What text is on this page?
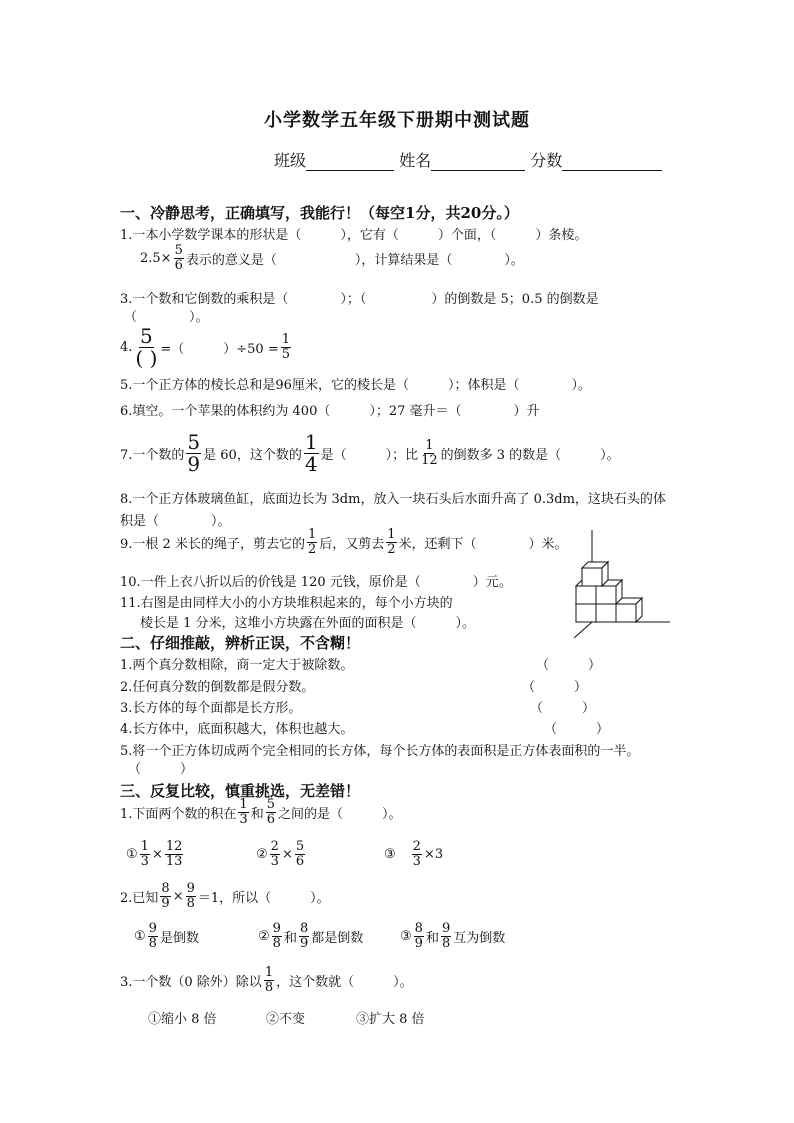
小学数学五年级下册期中测试题
班级	姓名	分数
一、冷静思考，正确填写，我能行！（每空1分，共20分。）
1.一本小学数学课本的形状是（　　　），它有（　　　）个面，（　　　）条棱。
$2.5\times \frac{5}{6}$ 表示的意义是（　　　　　　），计算结果是（　　　　）。
3.一个数和它倒数的乘积是（　　　　）；（　　　　　）的倒数是 5；0.5 的倒数是
（　　　　）。
4. $\frac{5}{( )}$ =（　　　）$\div 50 = \frac{1}{5}$
5.一个正方体的棱长总和是96厘米，它的棱长是（　　　）；体积是（　　　　）。
6.填空。一个苹果的体积约为 400（　　　）；27 毫升＝（　　　　）升
7.一个数的 $\frac{5}{9}$ 是 60，这个数的 $\frac{1}{4}$ 是（　　　）；比 $\frac{1}{12}$ 的倒数多 3 的数是（　　　）。
8.一个正方体玻璃鱼缸，底面边长为 3dm，放入一块石头后水面升高了 0.3dm，这块石头的体
积是（　　　　）。
9.一根 2 米长的绳子，剪去它的 $\frac{1}{2}$ 后，又剪去 $\frac{1}{2}$ 米，还剩下（　　　　）米。
10.一件上衣八折以后的价钱是 120 元钱，原价是（　　　　）元。
11.右图是由同样大小的小方块堆积起来的，每个小方块的
棱长是 1 分米，这堆小方块露在外面的面积是（　　　）。
二、仔细推敲，辨析正误，不含糊！
1.两个真分数相除，商一定大于被除数。	（　　　）
2.任何真分数的倒数都是假分数。	（　　　）
3.长方体的每个面都是长方形。	（　　　）
4.长方体中，底面积越大，体积也越大。	（　　　）
5.将一个正方体切成两个完全相同的长方体，每个长方体的表面积是正方体表面积的一半。
（　　　）
三、反复比较，慎重挑选，无差错！
1.下面两个数的积在 $\frac{1}{3}$ 和 $\frac{5}{6}$ 之间的是（　　　）。
① $\frac{1}{3} \times \frac{12}{13}$	② $\frac{2}{3} \times \frac{5}{6}$	③ $\frac{2}{3} \times 3$
2.已知 $\frac{8}{9} \times \frac{9}{8} =1$，所以（　　　）。
① $\frac{9}{8}$ 是倒数	② $\frac{9}{8}$ 和 $\frac{8}{9}$ 都是倒数	③ $\frac{8}{9}$ 和 $\frac{9}{8}$ 互为倒数
3.一个数（0 除外）除以 $\frac{1}{8}$ ，这个数就（　　　）。
①缩小 8 倍	②不变	③扩大 8 倍
